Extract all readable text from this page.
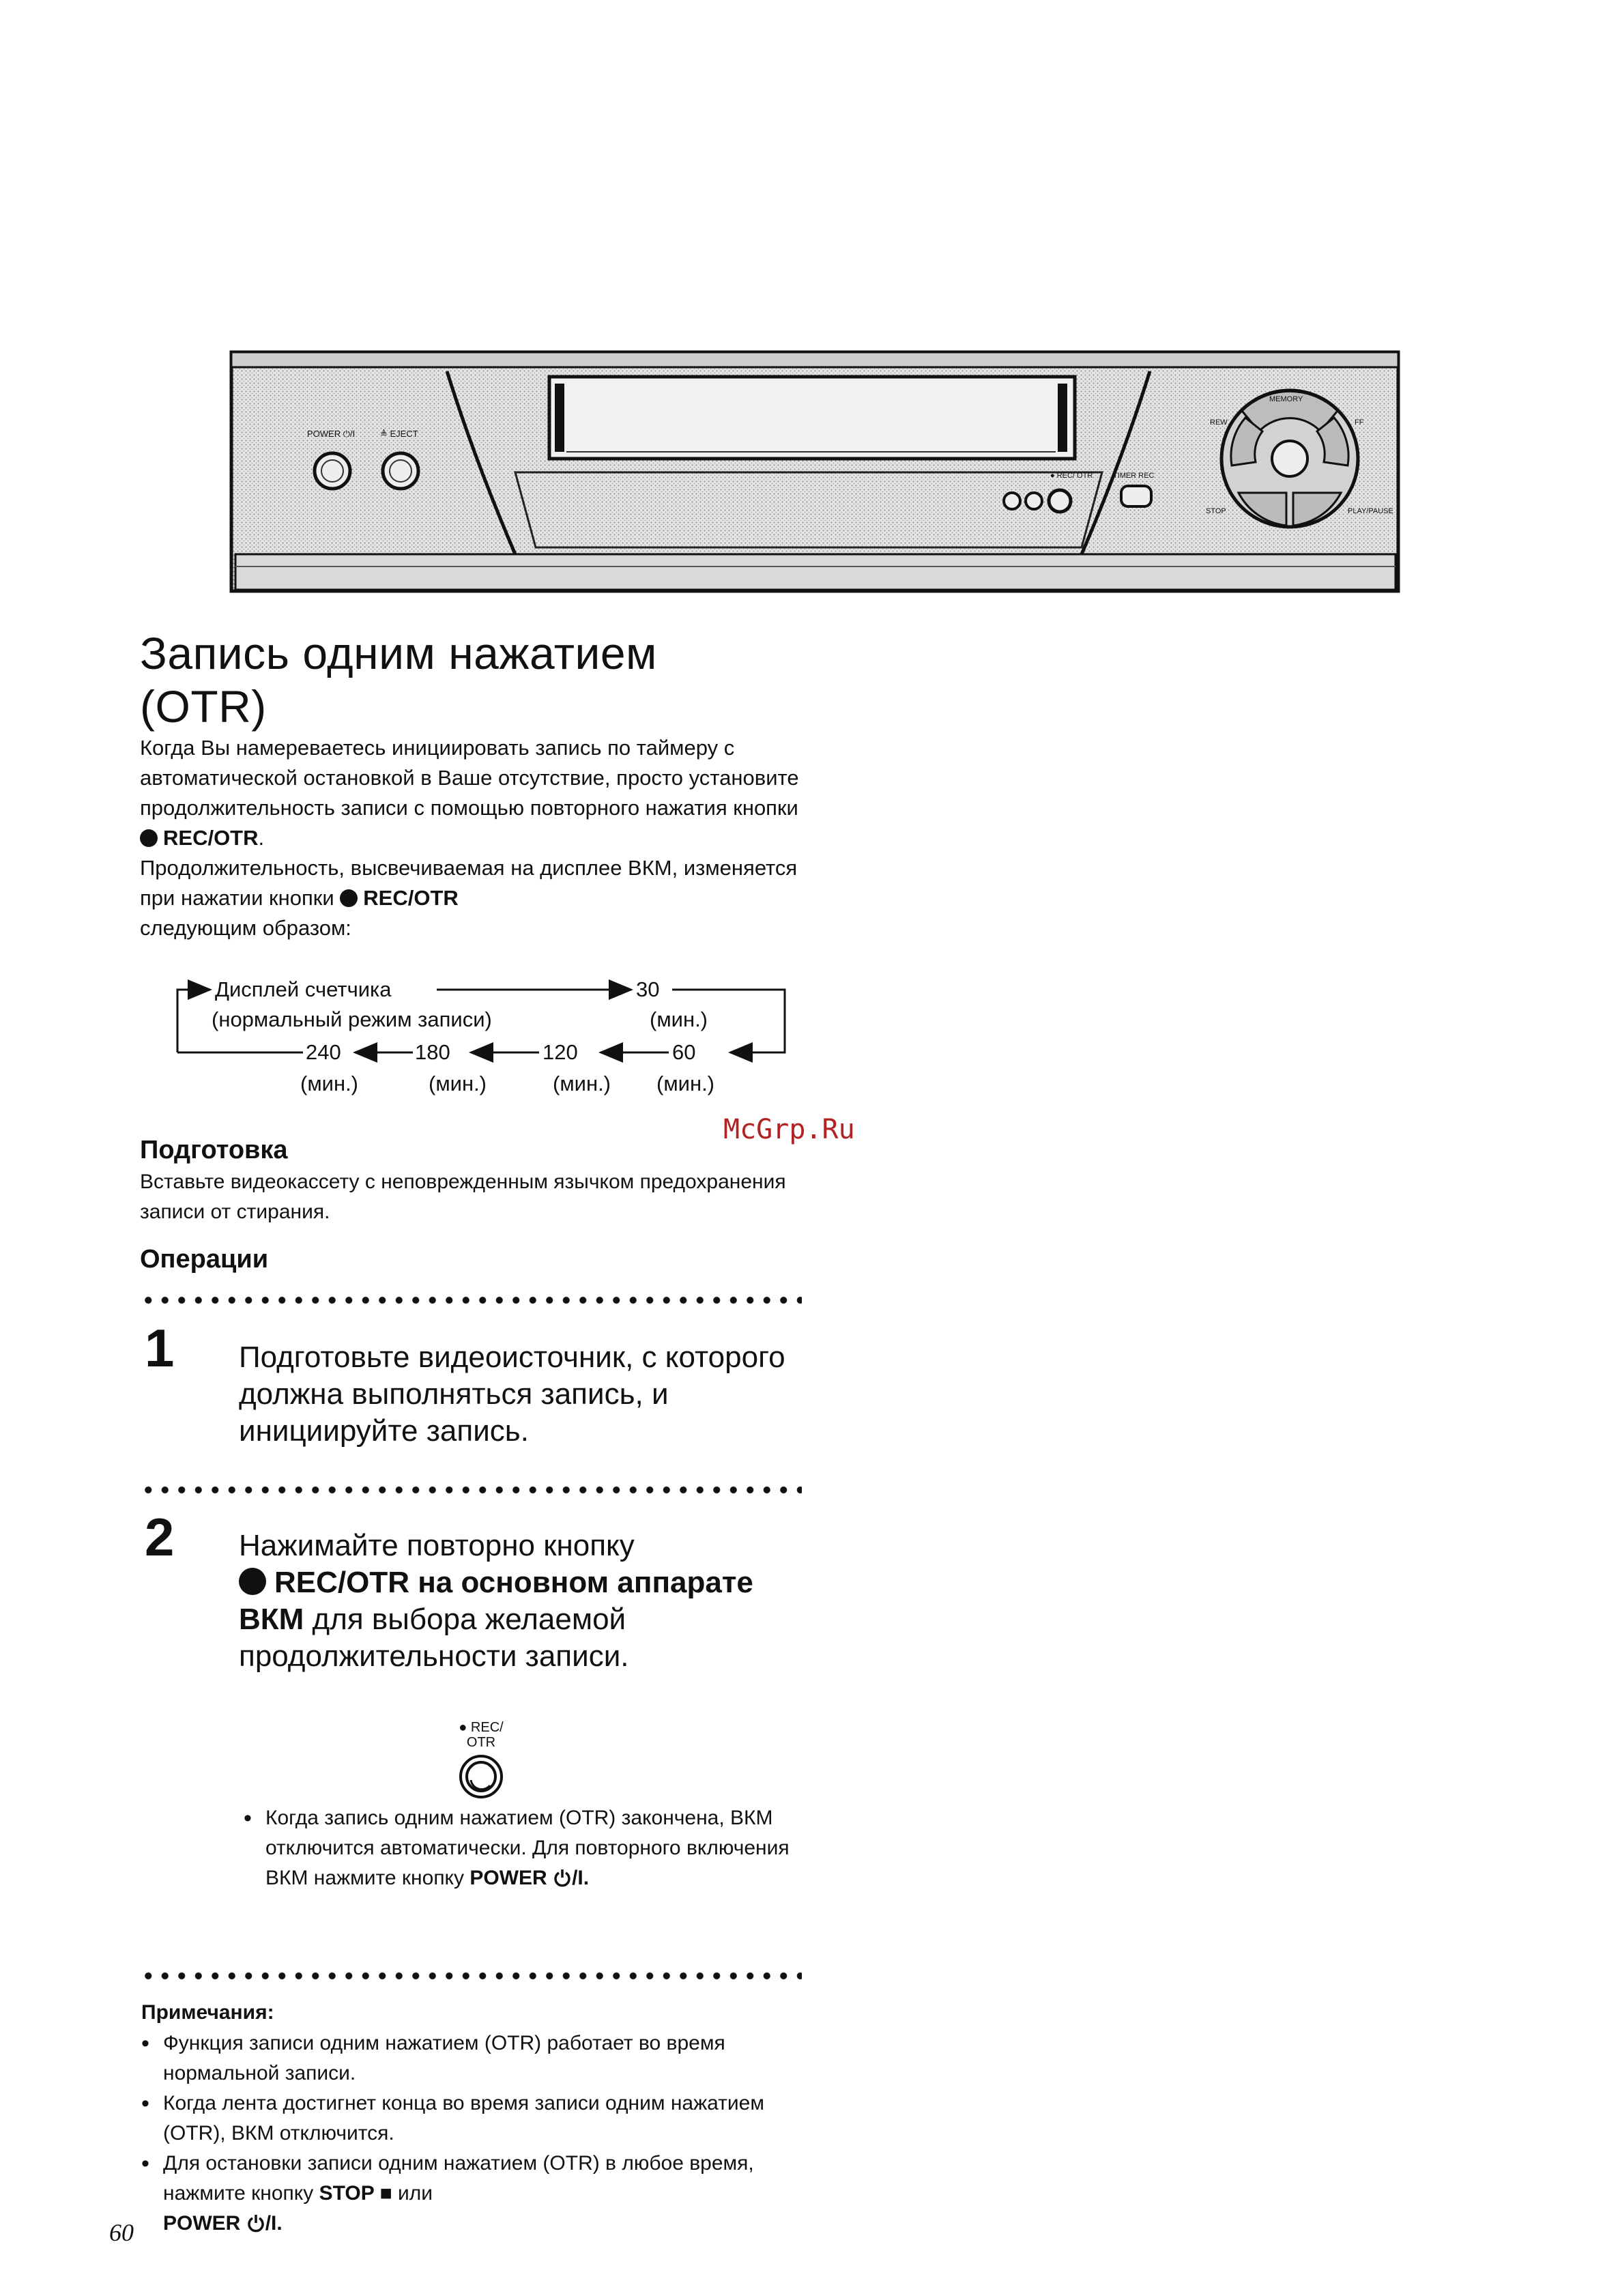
POWER ⏻/I	≜ EJECT
● REC/ OTR	TIMER REC
MEMORY
REW	FF
STOP	PLAY/PAUSE
Запись одним нажатием
(OTR)

Когда Вы намереваетесь инициировать запись по таймеру с автоматической остановкой в Ваше отсутствие, просто установите продолжительность записи с помощью повторного нажатия кнопки
REC/OTR.

Продолжительность, высвечиваемая на дисплее ВКМ, изменяется при нажатии кнопки REC/OTR
следующим образом:

Дисплей счетчика
(нормальный режим записи)
30
(мин.)
240	180	120	60
(мин.)	(мин.)	(мин.) (мин.)
McGrp.Ru
Подготовка
Вставьте видеокассету с неповрежденным язычком предохранения записи от стирания.
Операции
1 Подготовьте видеоисточник, с которого должна выполняться запись, и инициируйте запись.
2 Нажимайте повторно кнопку
REC/OTR на основном аппарате ВКМ для выбора желаемой продолжительности записи.
● REC/
OTR
• Когда запись одним нажатием (OTR) закончена, ВКМ отключится автоматически. Для повторного включения ВКМ нажмите кнопку POWER /I.
Примечания:
• Функция записи одним нажатием (OTR) работает во время нормальной записи.
• Когда лента достигнет конца во время записи одним нажатием (OTR), ВКМ отключится.
• Для остановки записи одним нажатием (OTR) в любое время, нажмите кнопку STOP ■ или
POWER /I.
60
